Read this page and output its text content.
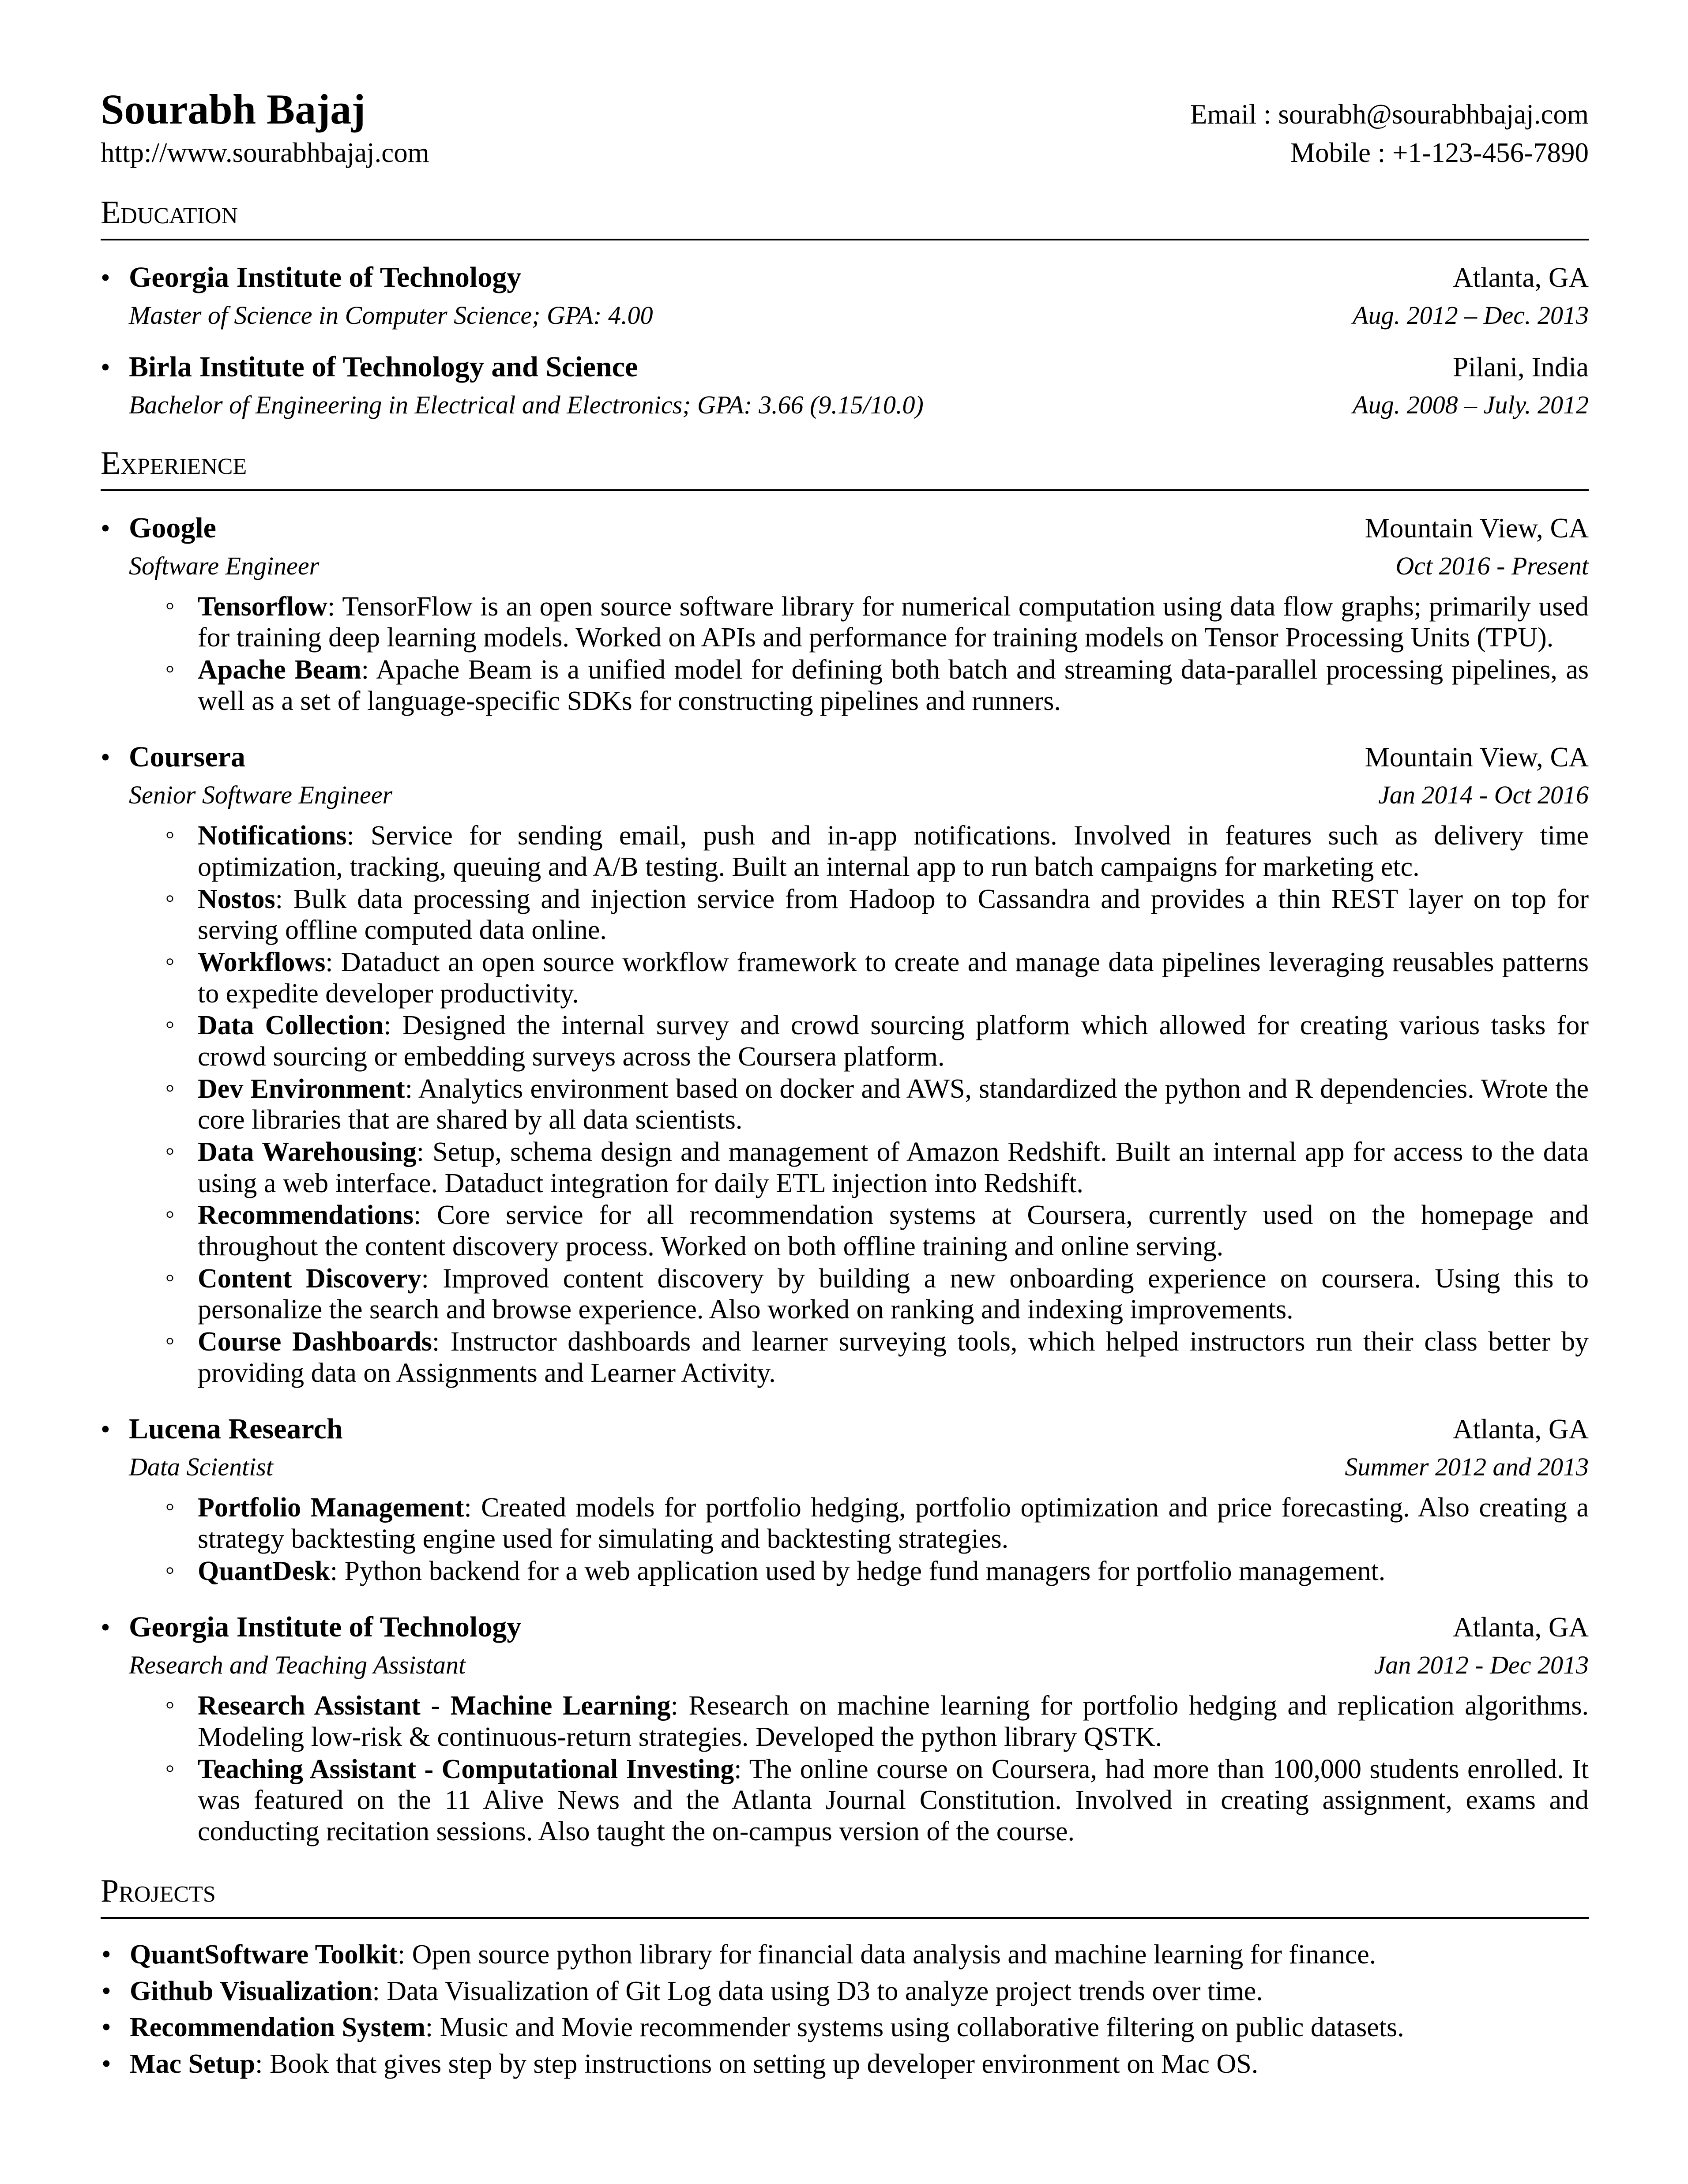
Sourabh Bajaj	Email : sourabh@sourabhbajaj.com
http://www.sourabhbajaj.com	Mobile : +1-123-456-7890
Education
• Georgia Institute of Technology	Atlanta, GA
Master of Science in Computer Science; GPA: 4.00	Aug. 2012 – Dec. 2013
• Birla Institute of Technology and Science	Pilani, India
Bachelor of Engineering in Electrical and Electronics; GPA: 3.66 (9.15/10.0)	Aug. 2008 – July. 2012
Experience
• Google	Mountain View, CA
Software Engineer	Oct 2016 - Present
◦ Tensorflow: TensorFlow is an open source software library for numerical computation using data flow graphs; primarily used for training deep learning models. Worked on APIs and performance for training models on Tensor Processing Units (TPU).
◦ Apache Beam: Apache Beam is a unified model for defining both batch and streaming data-parallel processing pipelines, as well as a set of language-specific SDKs for constructing pipelines and runners.
• Coursera	Mountain View, CA
Senior Software Engineer	Jan 2014 - Oct 2016
◦ Notifications: Service for sending email, push and in-app notifications. Involved in features such as delivery time optimization, tracking, queuing and A/B testing. Built an internal app to run batch campaigns for marketing etc.
◦ Nostos: Bulk data processing and injection service from Hadoop to Cassandra and provides a thin REST layer on top for serving offline computed data online.
◦ Workflows: Dataduct an open source workflow framework to create and manage data pipelines leveraging reusables patterns to expedite developer productivity.
◦ Data Collection: Designed the internal survey and crowd sourcing platform which allowed for creating various tasks for crowd sourcing or embedding surveys across the Coursera platform.
◦ Dev Environment: Analytics environment based on docker and AWS, standardized the python and R dependencies. Wrote the core libraries that are shared by all data scientists.
◦ Data Warehousing: Setup, schema design and management of Amazon Redshift. Built an internal app for access to the data using a web interface. Dataduct integration for daily ETL injection into Redshift.
◦ Recommendations: Core service for all recommendation systems at Coursera, currently used on the homepage and throughout the content discovery process. Worked on both offline training and online serving.
◦ Content Discovery: Improved content discovery by building a new onboarding experience on coursera. Using this to personalize the search and browse experience. Also worked on ranking and indexing improvements.
◦ Course Dashboards: Instructor dashboards and learner surveying tools, which helped instructors run their class better by providing data on Assignments and Learner Activity.
• Lucena Research	Atlanta, GA
Data Scientist	Summer 2012 and 2013
◦ Portfolio Management: Created models for portfolio hedging, portfolio optimization and price forecasting. Also creating a strategy backtesting engine used for simulating and backtesting strategies.
◦ QuantDesk: Python backend for a web application used by hedge fund managers for portfolio management.
• Georgia Institute of Technology	Atlanta, GA
Research and Teaching Assistant	Jan 2012 - Dec 2013
◦ Research Assistant - Machine Learning: Research on machine learning for portfolio hedging and replication algorithms. Modeling low-risk & continuous-return strategies. Developed the python library QSTK.
◦ Teaching Assistant - Computational Investing: The online course on Coursera, had more than 100,000 students enrolled. It was featured on the 11 Alive News and the Atlanta Journal Constitution. Involved in creating assignment, exams and conducting recitation sessions. Also taught the on-campus version of the course.
Projects
• QuantSoftware Toolkit: Open source python library for financial data analysis and machine learning for finance.
• Github Visualization: Data Visualization of Git Log data using D3 to analyze project trends over time.
• Recommendation System: Music and Movie recommender systems using collaborative filtering on public datasets.
• Mac Setup: Book that gives step by step instructions on setting up developer environment on Mac OS.
